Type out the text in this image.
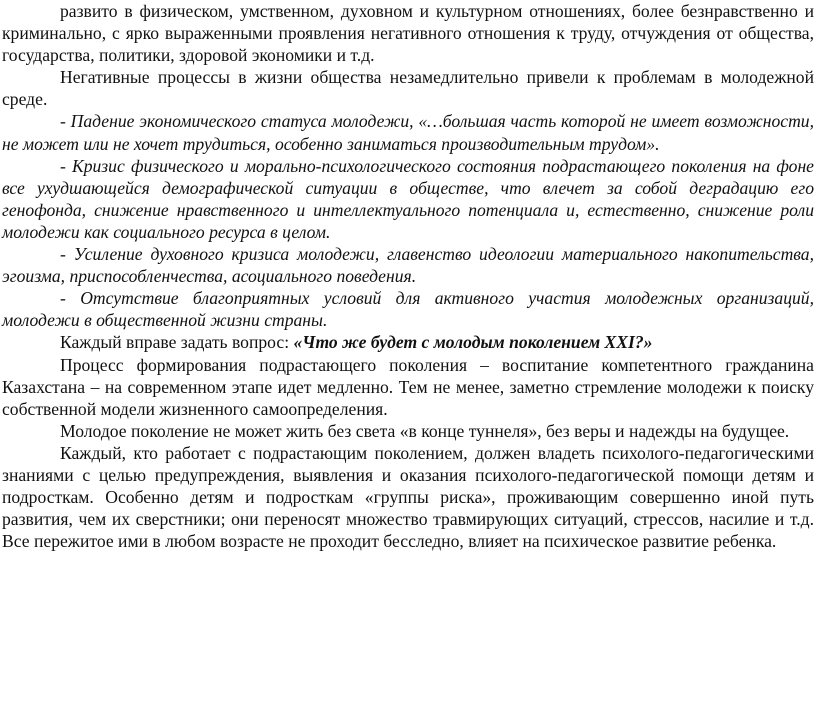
развито в физическом, умственном, духовном и культурном отношениях, более безнравственно и криминально, с ярко выраженными проявления негативного отношения к труду, отчуждения от общества, государства, политики, здоровой экономики и т.д.

Негативные процессы в жизни общества незамедлительно привели к проблемам в молодежной среде.

- Падение экономического статуса молодежи, «…большая часть которой не имеет возможности, не может или не хочет трудиться, особенно заниматься производительным трудом».

- Кризис физического и морально-психологического состояния подрастающего поколения на фоне все ухудшающейся демографической ситуации в обществе, что влечет за собой деградацию его генофонда, снижение нравственного и интеллектуального потенциала и, естественно, снижение роли молодежи как социального ресурса в целом.

- Усиление духовного кризиса молодежи, главенство идеологии материального накопительства, эгоизма, приспособленчества, асоциального поведения.

- Отсутствие благоприятных условий для активного участия молодежных организаций, молодежи в общественной жизни страны.

Каждый вправе задать вопрос: «Что же будет с молодым поколением XXI?»

Процесс формирования подрастающего поколения – воспитание компетентного гражданина Казахстана – на современном этапе идет медленно. Тем не менее, заметно стремление молодежи к поиску собственной модели жизненного самоопределения.

Молодое поколение не может жить без света «в конце туннеля», без веры и надежды на будущее.

Каждый, кто работает с подрастающим поколением, должен владеть психолого-педагогическими знаниями с целью предупреждения, выявления и оказания психолого-педагогической помощи детям и подросткам. Особенно детям и подросткам «группы риска», проживающим совершенно иной путь развития, чем их сверстники; они переносят множество травмирующих ситуаций, стрессов, насилие и т.д. Все пережитое ими в любом возрасте не проходит бесследно, влияет на психическое развитие ребенка.
